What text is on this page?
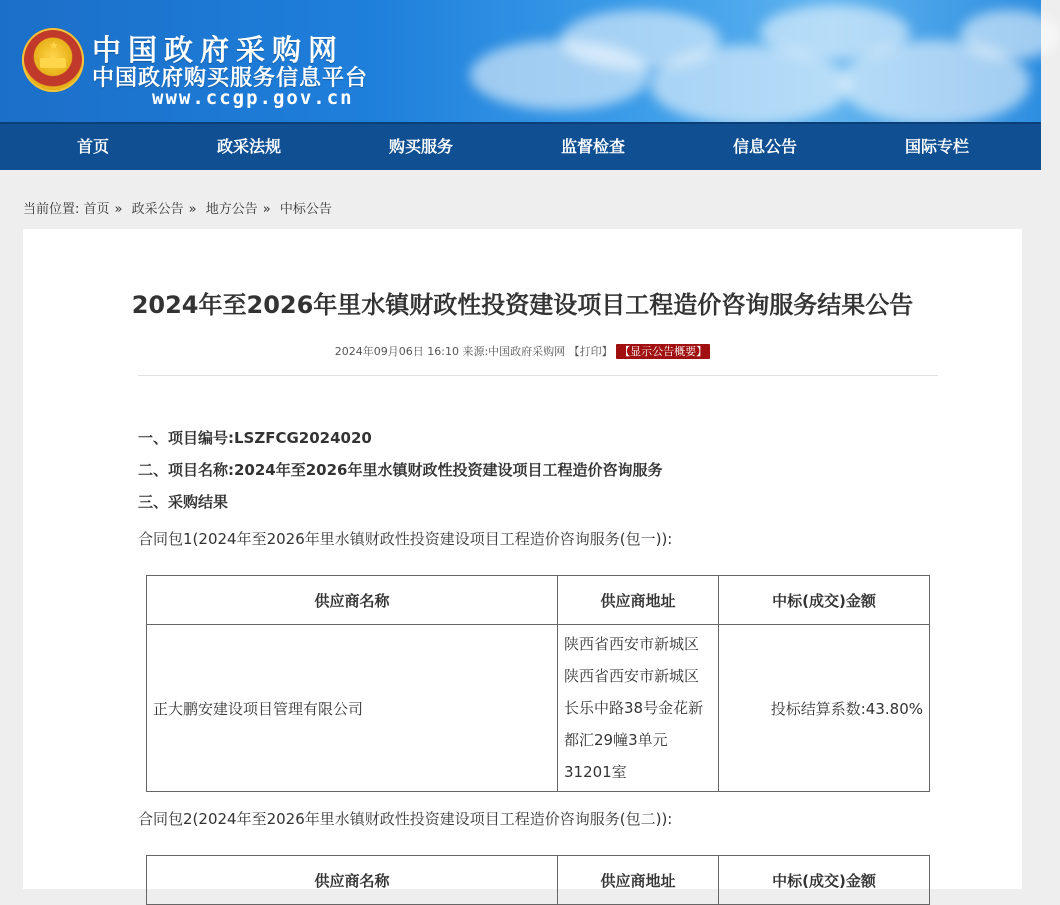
★ 中国政府采购网
中国政府购买服务信息平台
www.ccgp.gov.cn
首页	政采法规	购买服务	监督检查	信息公告	国际专栏
当前位置: 首页 » 政采公告 » 地方公告 » 中标公告
2024年至2026年里水镇财政性投资建设项目工程造价咨询服务结果公告
2024年09月06日 16:10 来源:中国政府采购网 【打印】 【显示公告概要】
一、项目编号:LSZFCG2024020
二、项目名称:2024年至2026年里水镇财政性投资建设项目工程造价咨询服务
三、采购结果
合同包1(2024年至2026年里水镇财政性投资建设项目工程造价咨询服务(包一)):
供应商名称	供应商地址	中标(成交)金额
正大鹏安建设项目管理有限公司	陕西省西安市新城区陕西省西安市新城区长乐中路38号金花新都汇29幢3单元31201室	投标结算系数:43.80%
合同包2(2024年至2026年里水镇财政性投资建设项目工程造价咨询服务(包二)):
供应商名称	供应商地址	中标(成交)金额
